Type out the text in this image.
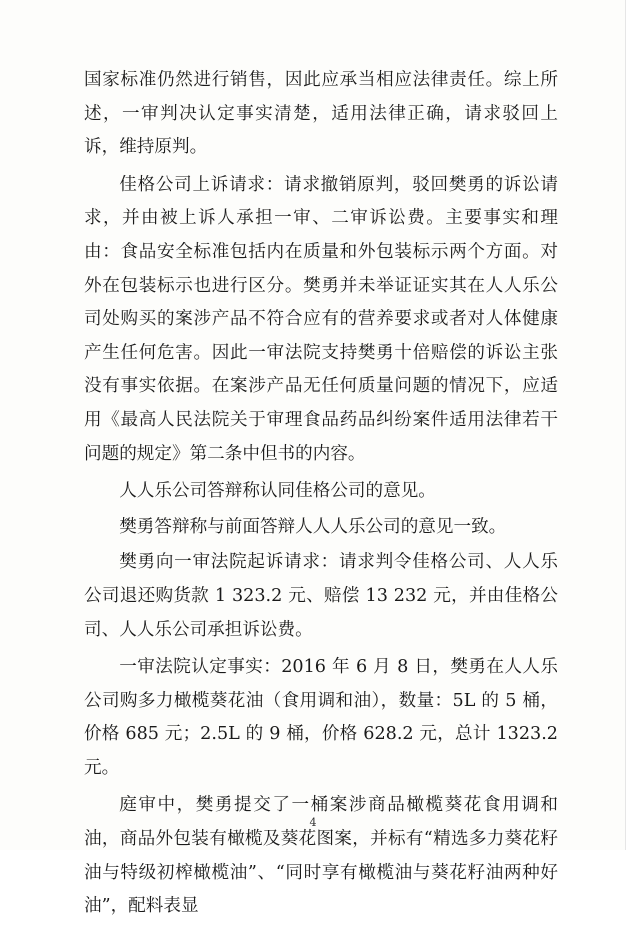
国家标准仍然进行销售，因此应承当相应法律责任。综上所述，一审判决认定事实清楚，适用法律正确，请求驳回上诉，维持原判。

佳格公司上诉请求：请求撤销原判，驳回樊勇的诉讼请求，并由被上诉人承担一审、二审诉讼费。主要事实和理由：食品安全标准包括内在质量和外包装标示两个方面。对外在包装标示也进行区分。樊勇并未举证证实其在人人乐公司处购买的案涉产品不符合应有的营养要求或者对人体健康产生任何危害。因此一审法院支持樊勇十倍赔偿的诉讼主张没有事实依据。在案涉产品无任何质量问题的情况下，应适用《最高人民法院关于审理食品药品纠纷案件适用法律若干问题的规定》第二条中但书的内容。

人人乐公司答辩称认同佳格公司的意见。

樊勇答辩称与前面答辩人人人乐公司的意见一致。

樊勇向一审法院起诉请求：请求判令佳格公司、人人乐公司退还购货款 1 323.2 元、赔偿 13 232 元，并由佳格公司、人人乐公司承担诉讼费。

一审法院认定事实：2016 年 6 月 8 日，樊勇在人人乐公司购多力橄榄葵花油（食用调和油），数量：5L 的 5 桶，价格 685 元；2.5L 的 9 桶，价格 628.2 元，总计 1323.2 元。

庭审中，樊勇提交了一桶案涉商品橄榄葵花食用调和油，商品外包装有橄榄及葵花图案，并标有“精选多力葵花籽油与特级初榨橄榄油”、“同时享有橄榄油与葵花籽油两种好油”，配料表显

4
